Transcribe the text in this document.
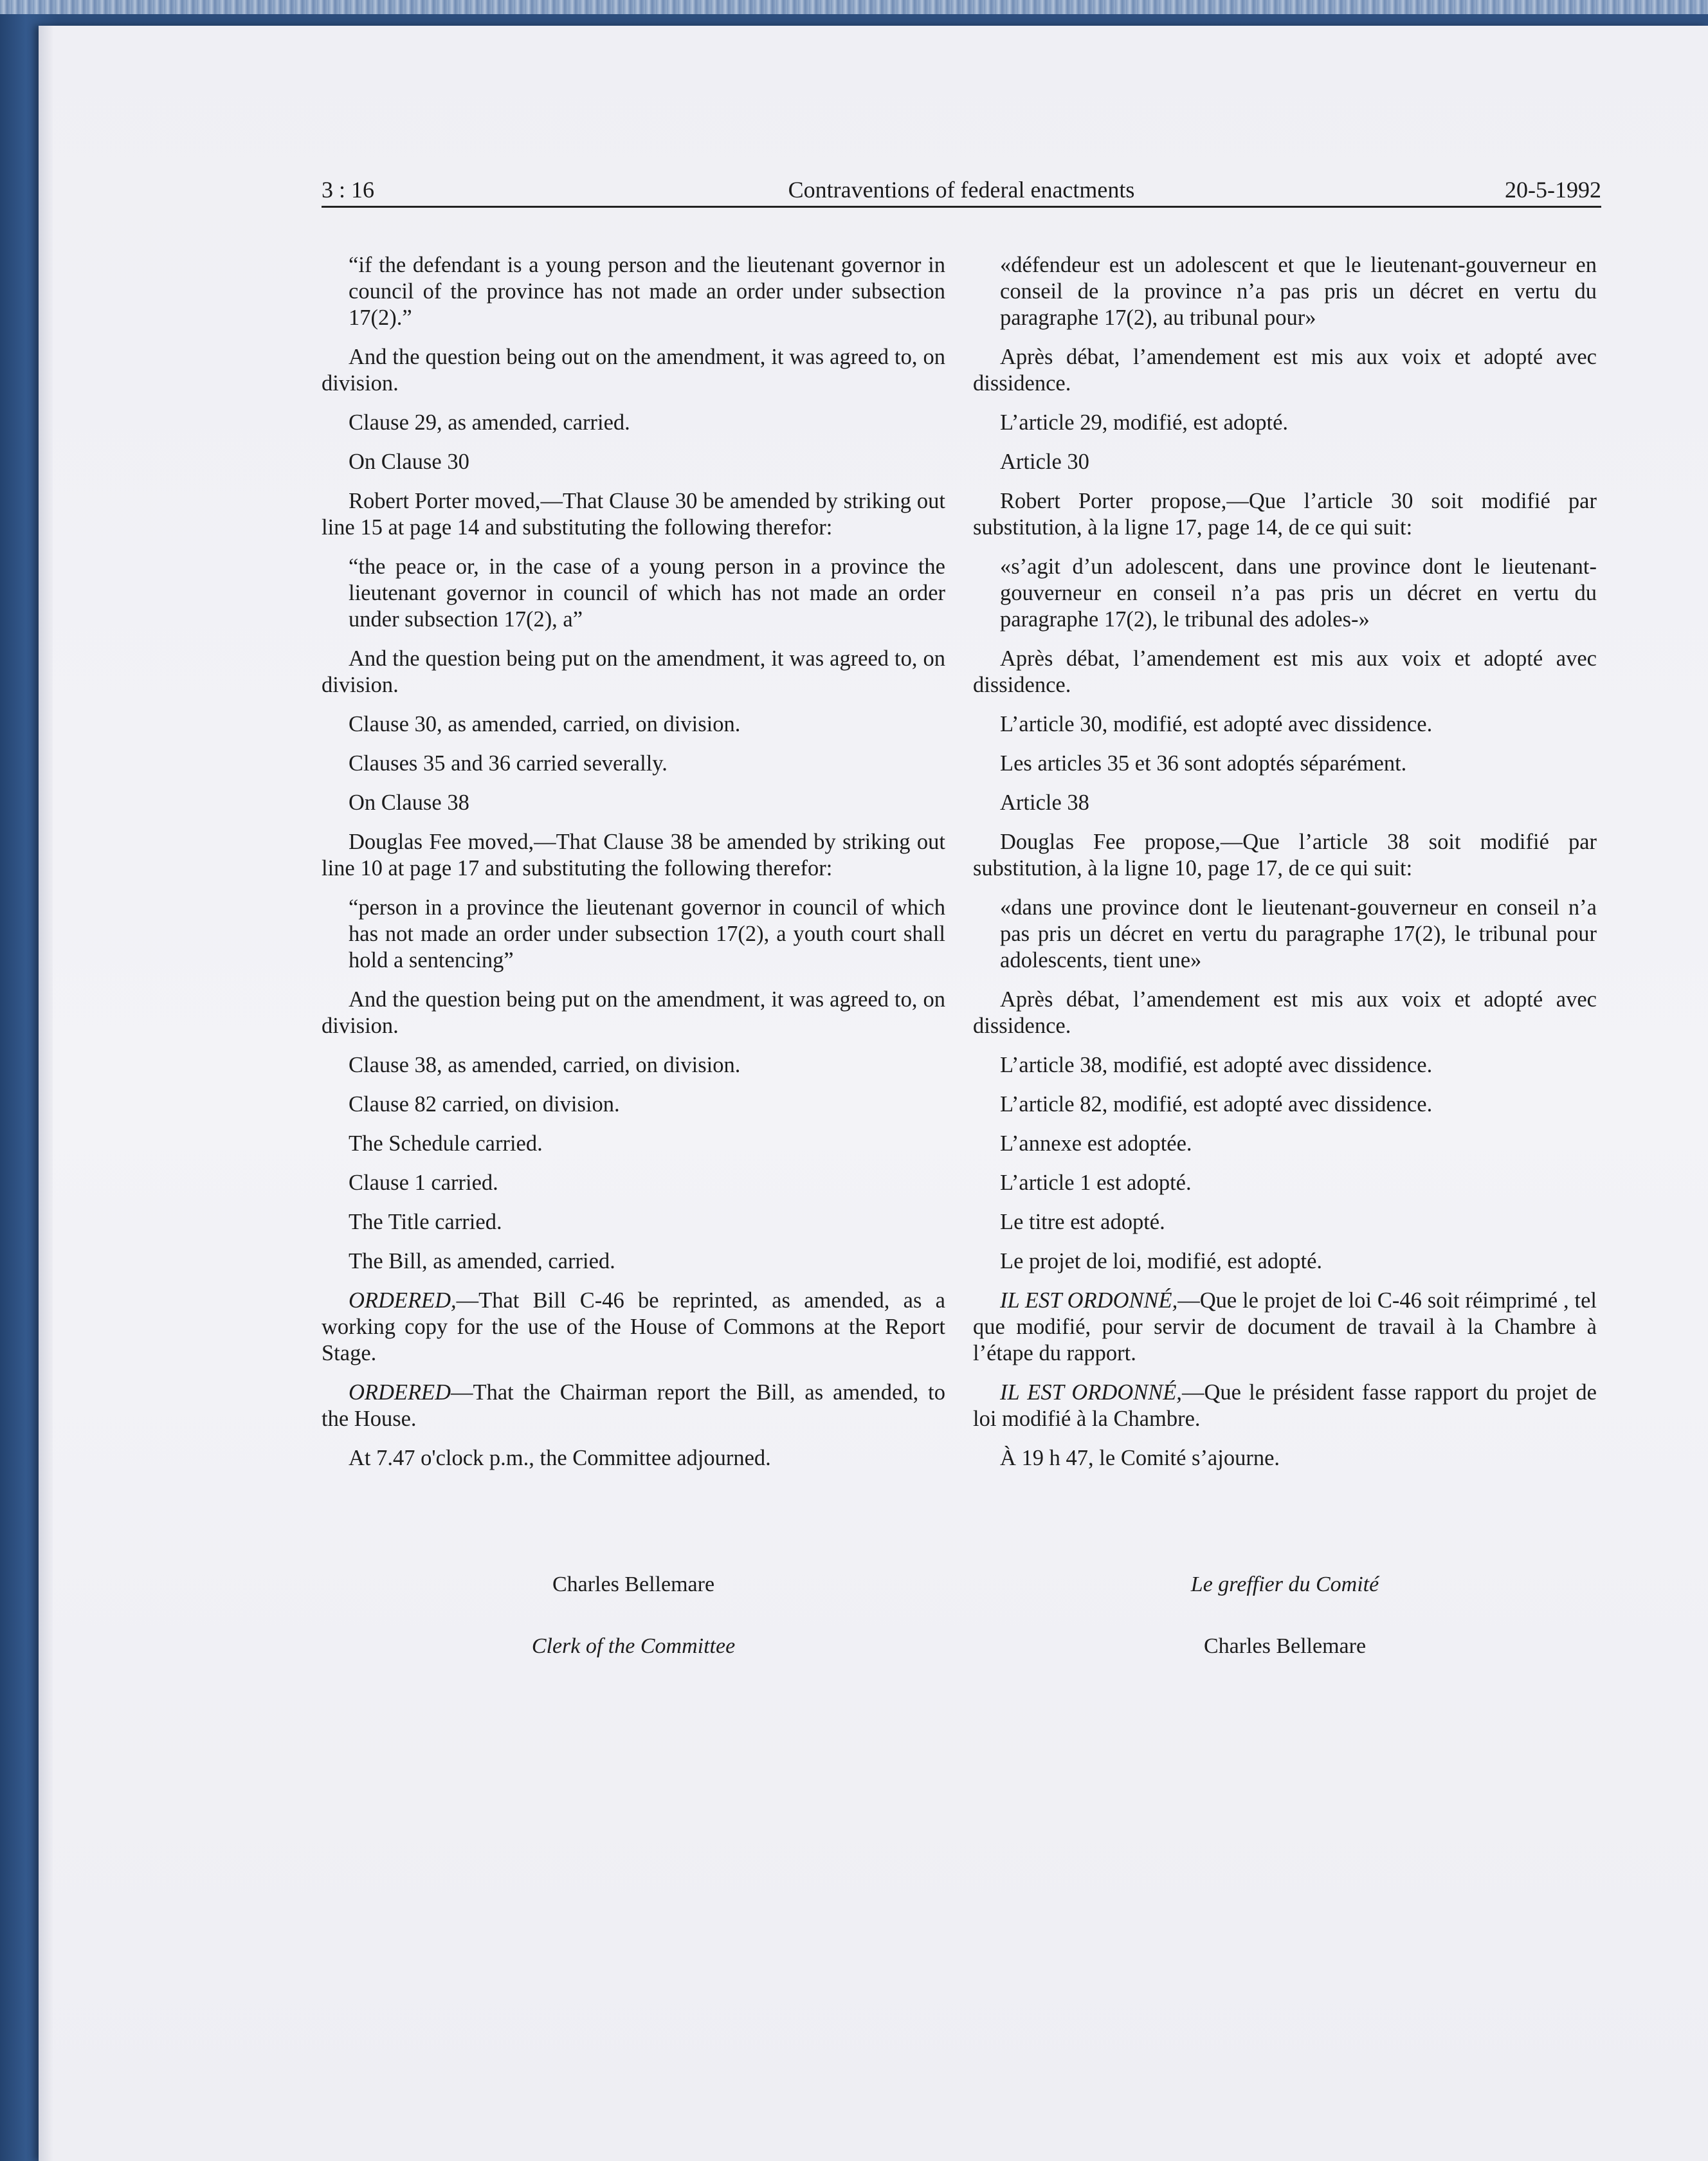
3 : 16	Contraventions of federal enactments	20-5-1992
“if the defendant is a young person and the lieutenant governor in council of the province has not made an order under subsection 17(2).”
And the question being out on the amendment, it was agreed to, on division.
Clause 29, as amended, carried.
On Clause 30
Robert Porter moved,—That Clause 30 be amended by striking out line 15 at page 14 and substituting the following therefor:
“the peace or, in the case of a young person in a province the lieutenant governor in council of which has not made an order under subsection 17(2), a”
And the question being put on the amendment, it was agreed to, on division.
Clause 30, as amended, carried, on division.
Clauses 35 and 36 carried severally.
On Clause 38
Douglas Fee moved,—That Clause 38 be amended by striking out line 10 at page 17 and substituting the following therefor:
“person in a province the lieutenant governor in council of which has not made an order under subsection 17(2), a youth court shall hold a sentencing”
And the question being put on the amendment, it was agreed to, on division.
Clause 38, as amended, carried, on division.
Clause 82 carried, on division.
The Schedule carried.
Clause 1 carried.
The Title carried.
The Bill, as amended, carried.
ORDERED,—That Bill C-46 be reprinted, as amended, as a working copy for the use of the House of Commons at the Report Stage.
ORDERED—That the Chairman report the Bill, as amended, to the House.
At 7.47 o'clock p.m., the Committee adjourned.
«défendeur est un adolescent et que le lieutenant-gouverneur en conseil de la province n’a pas pris un décret en vertu du paragraphe 17(2), au tribunal pour»
Après débat, l’amendement est mis aux voix et adopté avec dissidence.
L’article 29, modifié, est adopté.
Article 30
Robert Porter propose,—Que l’article 30 soit modifié par substitution, à la ligne 17, page 14, de ce qui suit:
«s’agit d’un adolescent, dans une province dont le lieutenant-gouverneur en conseil n’a pas pris un décret en vertu du paragraphe 17(2), le tribunal des adoles-»
Après débat, l’amendement est mis aux voix et adopté avec dissidence.
L’article 30, modifié, est adopté avec dissidence.
Les articles 35 et 36 sont adoptés séparément.
Article 38
Douglas Fee propose,—Que l’article 38 soit modifié par substitution, à la ligne 10, page 17, de ce qui suit:
«dans une province dont le lieutenant-gouverneur en conseil n’a pas pris un décret en vertu du paragraphe 17(2), le tribunal pour adolescents, tient une»
Après débat, l’amendement est mis aux voix et adopté avec dissidence.
L’article 38, modifié, est adopté avec dissidence.
L’article 82, modifié, est adopté avec dissidence.
L’annexe est adoptée.
L’article 1 est adopté.
Le titre est adopté.
Le projet de loi, modifié, est adopté.
IL EST ORDONNÉ,—Que le projet de loi C-46 soit réimprimé , tel que modifié, pour servir de document de travail à la Chambre à l’étape du rapport.
IL EST ORDONNÉ,—Que le président fasse rapport du projet de loi modifié à la Chambre.
À 19 h 47, le Comité s’ajourne.
Charles Bellemare
Clerk of the Committee
Le greffier du Comité
Charles Bellemare
